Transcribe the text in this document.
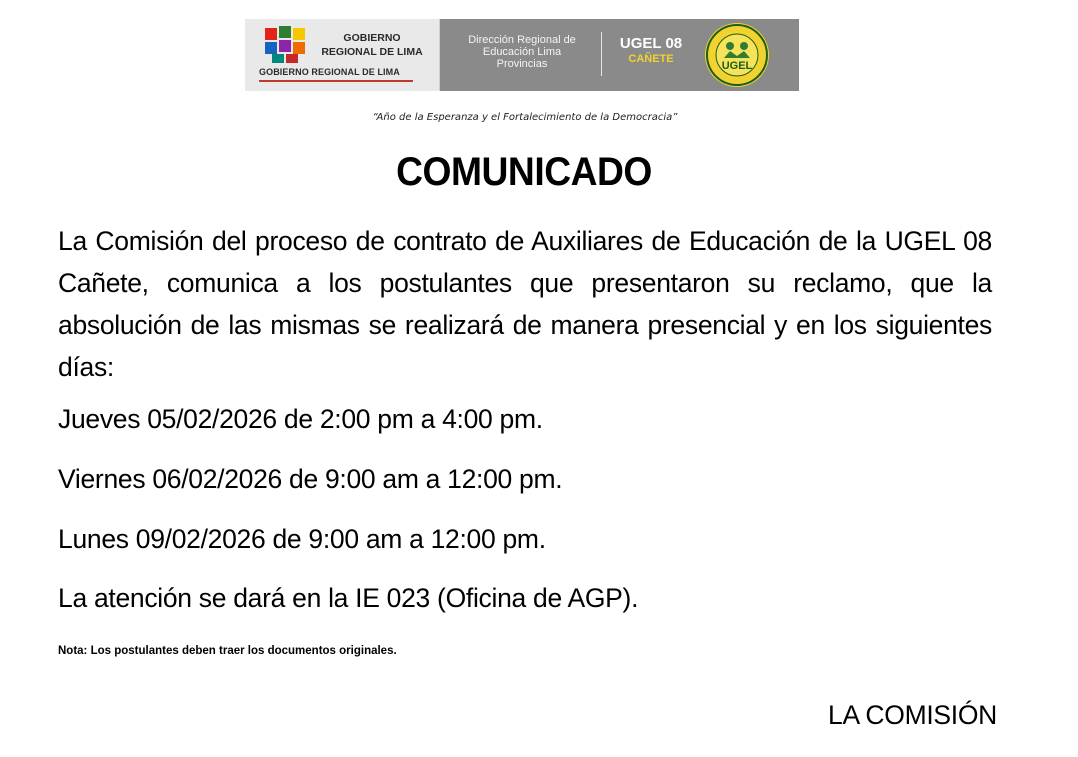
GOBIERNO
REGIONAL DE LIMA
GOBIERNO REGIONAL DE LIMA
Dirección Regional de
Educación Lima
Provincias
UGEL 08
CAÑETE
UGEL
“Año de la Esperanza y el Fortalecimiento de la Democracia”
COMUNICADO

La Comisión del proceso de contrato de Auxiliares de Educación de la UGEL 08 Cañete, comunica a los postulantes que presentaron su reclamo, que la absolución de las mismas se realizará de manera presencial y en los siguientes días:

Jueves 05/02/2026 de 2:00 pm a 4:00 pm.
Viernes 06/02/2026 de 9:00 am a 12:00 pm.
Lunes 09/02/2026 de 9:00 am a 12:00 pm.
La atención se dará en la IE 023 (Oficina de AGP).
Nota: Los postulantes deben traer los documentos originales.
LA COMISIÓN
